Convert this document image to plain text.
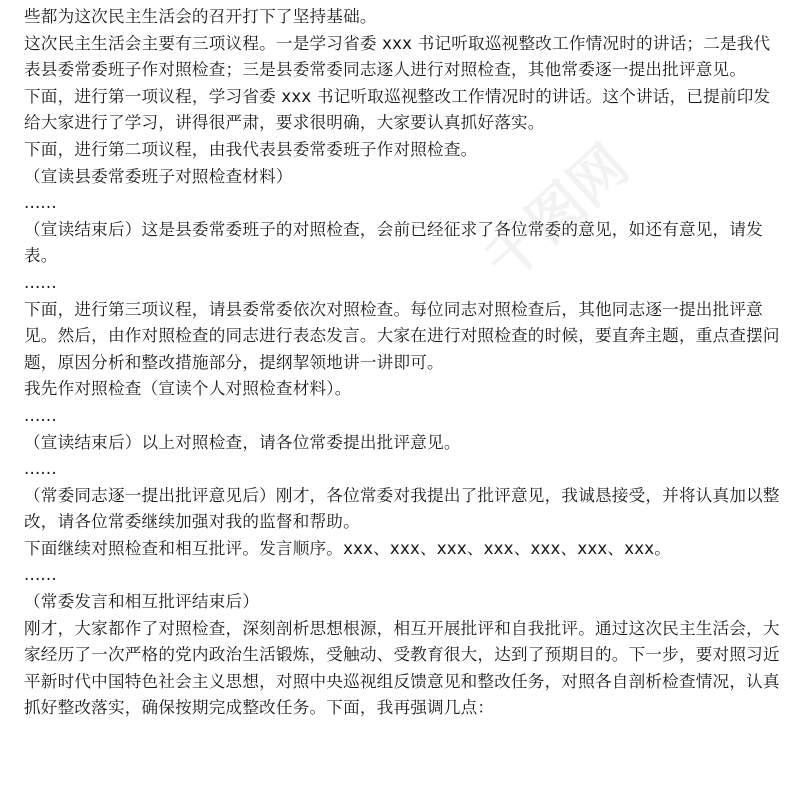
千图网

些都为这次民主生活会的召开打下了坚持基础。

这次民主生活会主要有三项议程。一是学习省委 xxx 书记听取巡视整改工作情况时的讲话；二是我代表县委常委班子作对照检查；三是县委常委同志逐人进行对照检查，其他常委逐一提出批评意见。

下面，进行第一项议程，学习省委 xxx 书记听取巡视整改工作情况时的讲话。这个讲话，已提前印发给大家进行了学习，讲得很严肃，要求很明确，大家要认真抓好落实。

下面，进行第二项议程，由我代表县委常委班子作对照检查。

（宣读县委常委班子对照检查材料）

......

（宣读结束后）这是县委常委班子的对照检查，会前已经征求了各位常委的意见，如还有意见，请发表。

......

下面，进行第三项议程，请县委常委依次对照检查。每位同志对照检查后，其他同志逐一提出批评意见。然后，由作对照检查的同志进行表态发言。大家在进行对照检查的时候，要直奔主题，重点查摆问题，原因分析和整改措施部分，提纲挈领地讲一讲即可。

我先作对照检查（宣读个人对照检查材料）。

......

（宣读结束后）以上对照检查，请各位常委提出批评意见。

......

（常委同志逐一提出批评意见后）刚才，各位常委对我提出了批评意见，我诚恳接受，并将认真加以整改，请各位常委继续加强对我的监督和帮助。

下面继续对照检查和相互批评。发言顺序。xxx、xxx、xxx、xxx、xxx、xxx、xxx。

......

（常委发言和相互批评结束后）

刚才，大家都作了对照检查，深刻剖析思想根源，相互开展批评和自我批评。通过这次民主生活会，大家经历了一次严格的党内政治生活锻炼，受触动、受教育很大，达到了预期目的。下一步，要对照习近平新时代中国特色社会主义思想，对照中央巡视组反馈意见和整改任务，对照各自剖析检查情况，认真抓好整改落实，确保按期完成整改任务。下面，我再强调几点：
